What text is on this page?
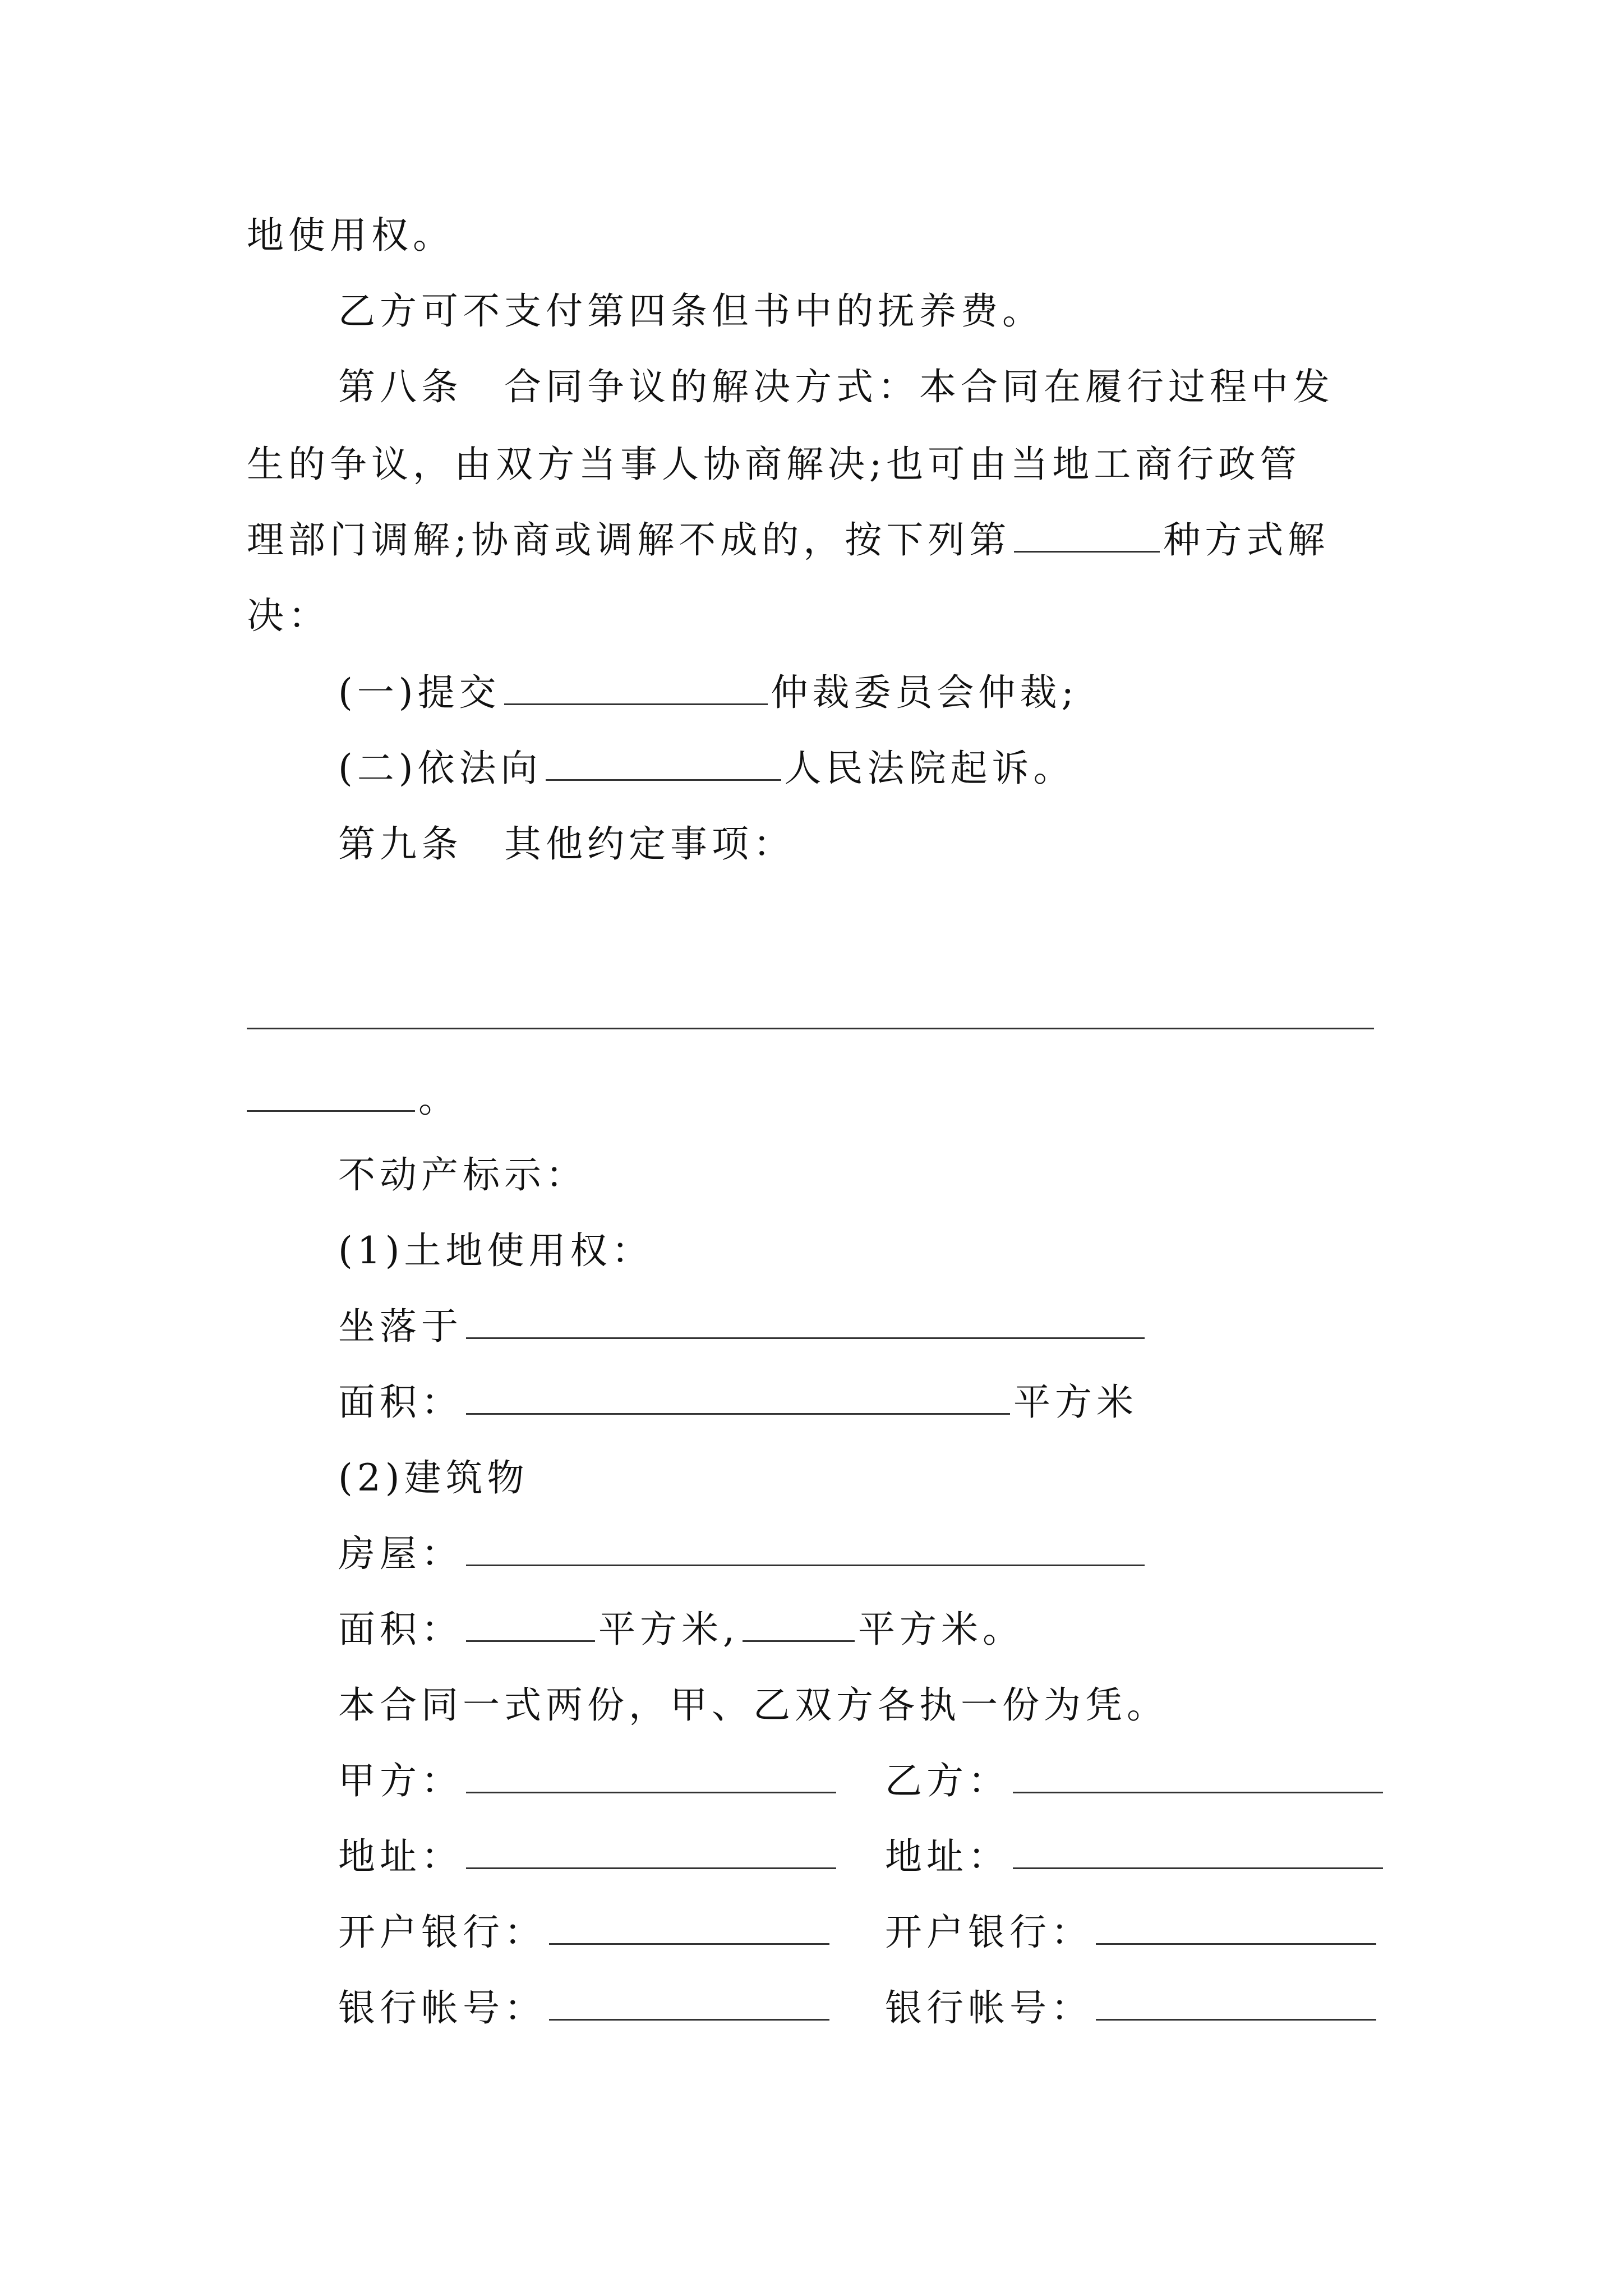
地使用权。
乙方可不支付第四条但书中的抚养费。
第八条　合同争议的解决方式：本合同在履行过程中发
生的争议，由双方当事人协商解决;也可由当地工商行政管
理部门调解;协商或调解不成的，按下列第	种方式解
决：
(一)提交	仲裁委员会仲裁;
(二)依法向	人民法院起诉。
第九条　其他约定事项：
。
不动产标示：
(1)土地使用权：
坐落于
面积：	平方米
(2)建筑物
房屋：
面积：	平方米,	平方米。
本合同一式两份，甲、乙双方各执一份为凭。
甲方：	乙方：
地址：	地址：
开户银行：	开户银行：
银行帐号：	银行帐号：
